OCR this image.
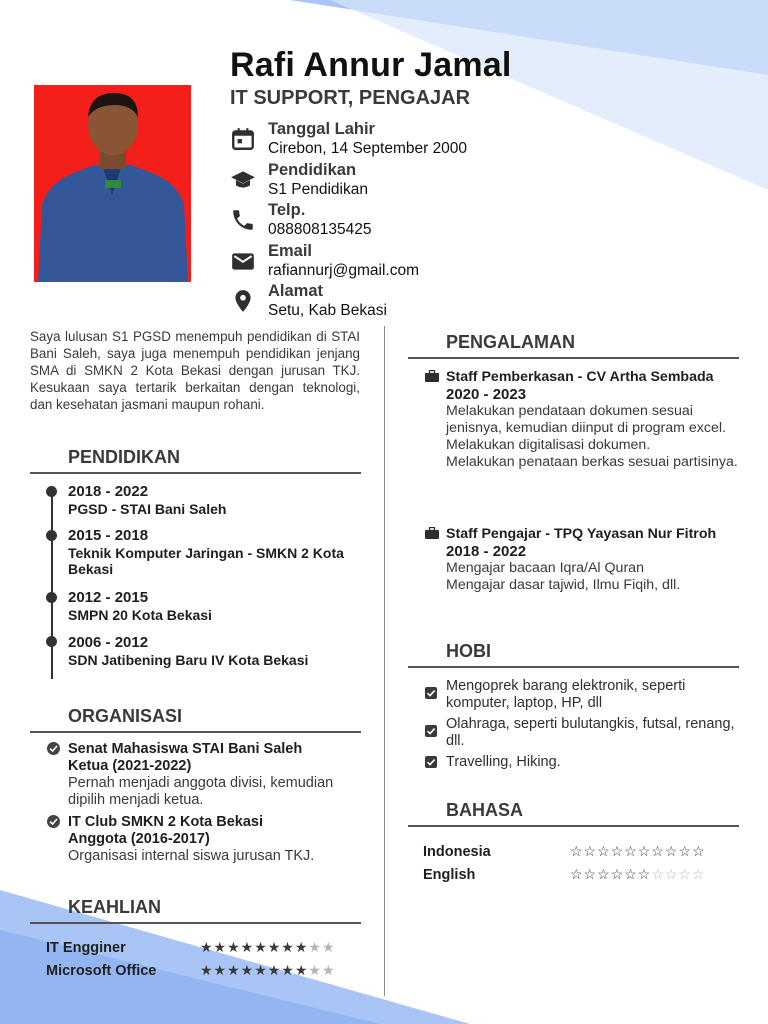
Rafi Annur Jamal
IT SUPPORT, PENGAJAR
Tanggal Lahir
Cirebon, 14 September 2000
Pendidikan
S1 Pendidikan
Telp.
088808135425
Email
rafiannurj@gmail.com
Alamat
Setu, Kab Bekasi
Saya lulusan S1 PGSD menempuh pendidikan di STAI Bani Saleh, saya juga menempuh pendidikan jenjang SMA di SMKN 2 Kota Bekasi dengan jurusan TKJ. Kesukaan saya tertarik berkaitan dengan teknologi, dan kesehatan jasmani maupun rohani.
PENDIDIKAN
2018 - 2022
PGSD - STAI Bani Saleh
2015 - 2018
Teknik Komputer Jaringan - SMKN 2 Kota Bekasi
2012 - 2015
SMPN 20 Kota Bekasi
2006 - 2012
SDN Jatibening Baru IV Kota Bekasi
ORGANISASI
Senat Mahasiswa STAI Bani Saleh
Ketua (2021-2022)
Pernah menjadi anggota divisi, kemudian dipilih menjadi ketua.
IT Club SMKN 2 Kota Bekasi
Anggota (2016-2017)
Organisasi internal siswa jurusan TKJ.
KEAHLIAN
IT Engginer	★★★★★★★★★★
Microsoft Office	★★★★★★★★★★
PENGALAMAN
Staff Pemberkasan - CV Artha Sembada
2020 - 2023
Melakukan pendataan dokumen sesuai jenisnya, kemudian diinput di program excel.
Melakukan digitalisasi dokumen.
Melakukan penataan berkas sesuai partisinya.
Staff Pengajar - TPQ Yayasan Nur Fitroh
2018 - 2022
Mengajar bacaan Iqra/Al Quran
Mengajar dasar tajwid, Ilmu Fiqih, dll.
HOBI
Mengoprek barang elektronik, seperti komputer, laptop, HP, dll
Olahraga, seperti bulutangkis, futsal, renang, dll.
Travelling, Hiking.
BAHASA
Indonesia	☆☆☆☆☆☆☆☆☆☆
English	☆☆☆☆☆☆☆☆☆☆
